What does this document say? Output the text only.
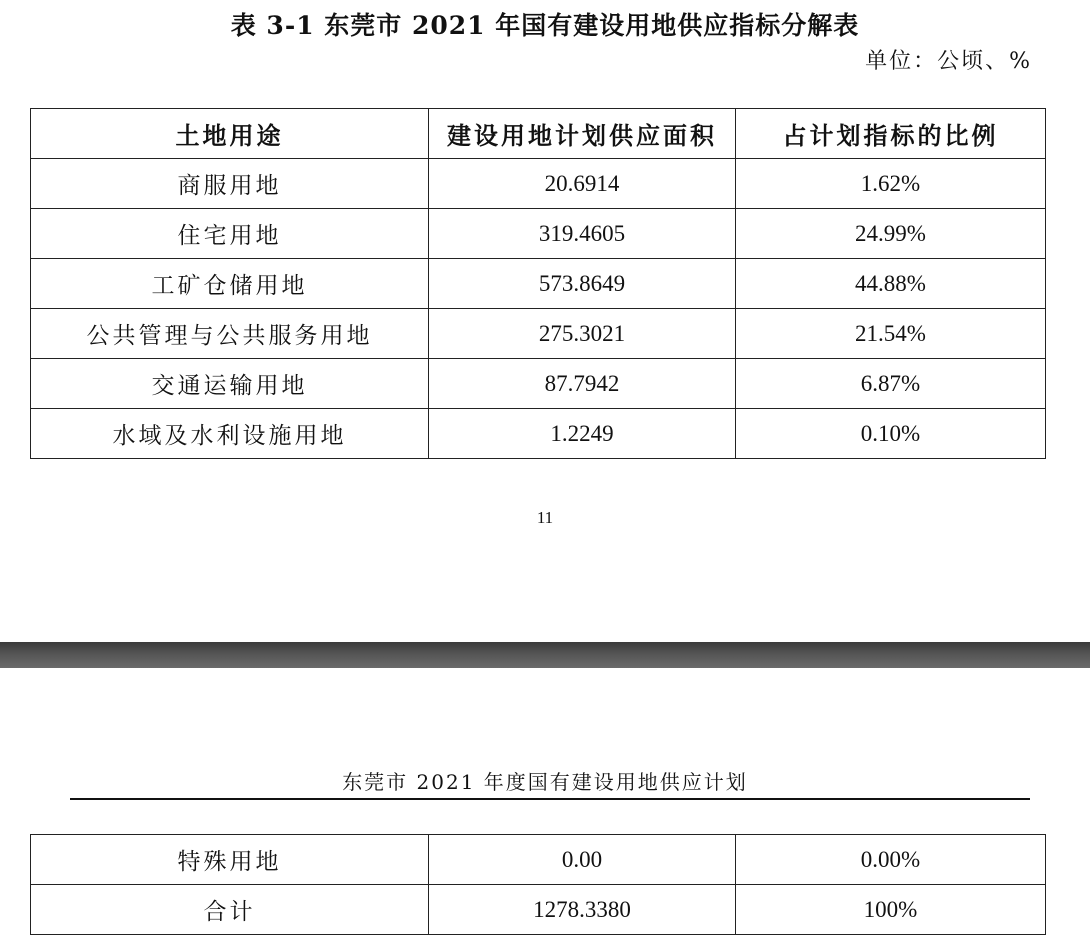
表 3-1 东莞市 2021 年国有建设用地供应指标分解表
单位：公顷、%
土地用途	建设用地计划供应面积	占计划指标的比例
商服用地	20.6914	1.62%
住宅用地	319.4605	24.99%
工矿仓储用地	573.8649	44.88%
公共管理与公共服务用地	275.3021	21.54%
交通运输用地	87.7942	6.87%
水域及水利设施用地	1.2249	0.10%
11
东莞市 2021 年度国有建设用地供应计划
特殊用地	0.00	0.00%
合计	1278.3380	100%
